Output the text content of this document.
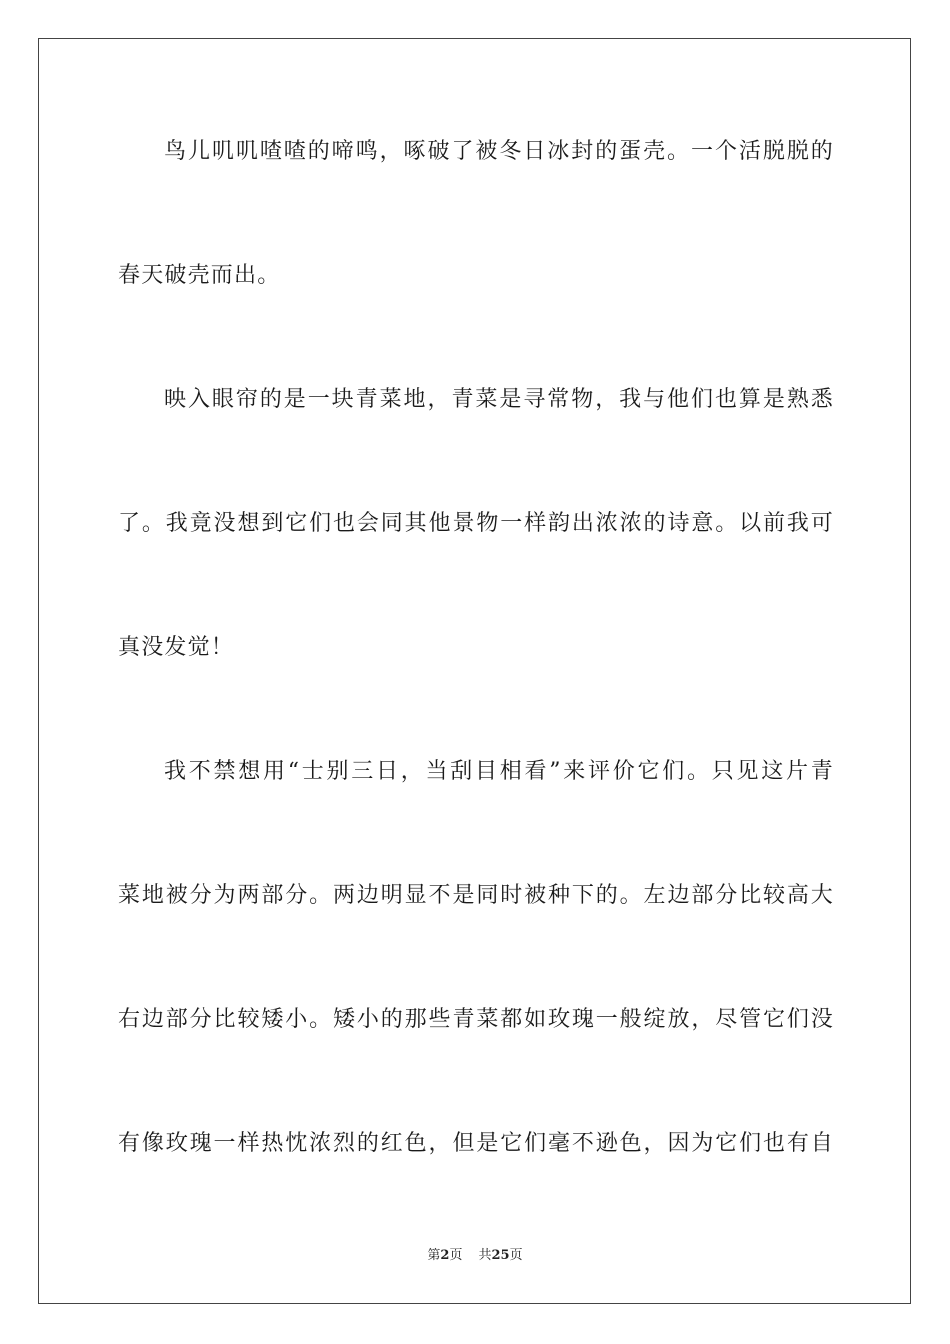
鸟儿叽叽喳喳的啼鸣，啄破了被冬日冰封的蛋壳。一个活脱脱的
春天破壳而出。
映入眼帘的是一块青菜地，青菜是寻常物，我与他们也算是熟悉
了。我竟没想到它们也会同其他景物一样韵出浓浓的诗意。以前我可
真没发觉！
我不禁想用“士别三日，当刮目相看”来评价它们。只见这片青
菜地被分为两部分。两边明显不是同时被种下的。左边部分比较高大
右边部分比较矮小。矮小的那些青菜都如玫瑰一般绽放，尽管它们没
有像玫瑰一样热忱浓烈的红色，但是它们毫不逊色，因为它们也有自
第2页 共25页
